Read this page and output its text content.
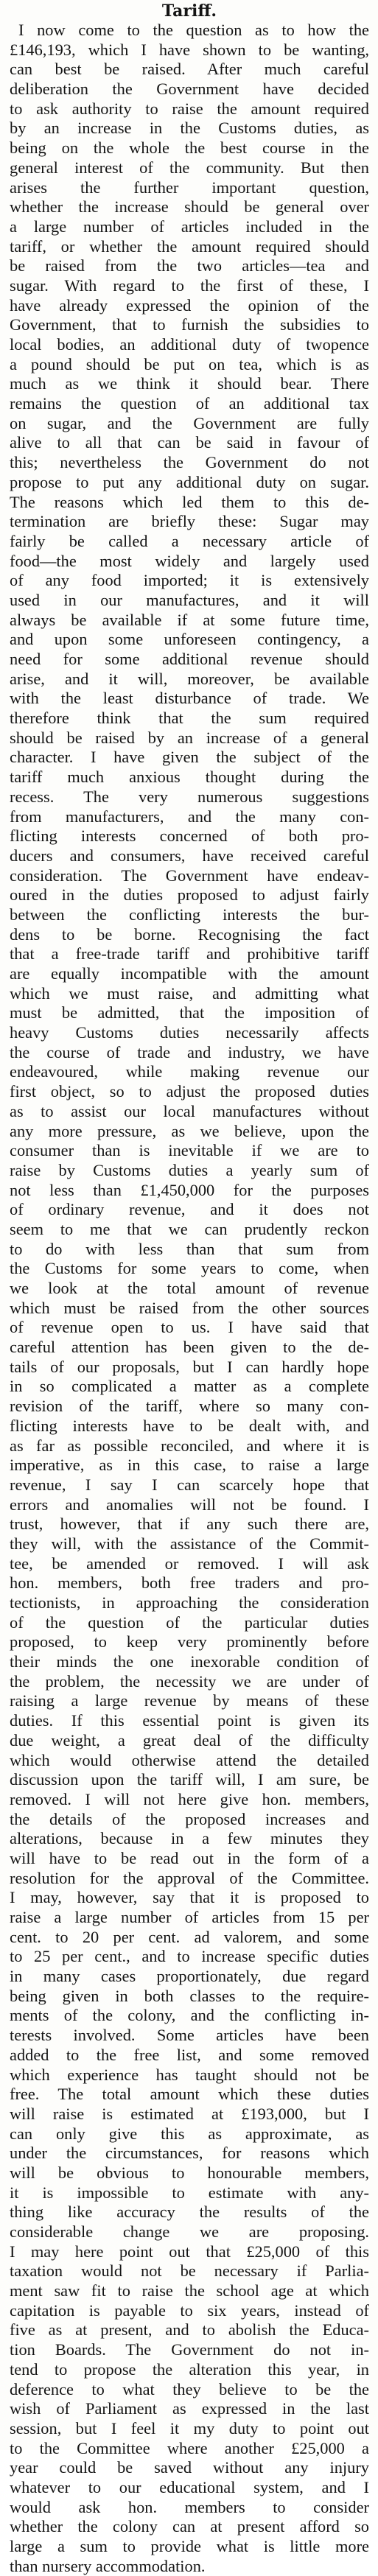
Tariff.
I now come to the question as to how the
£146,193, which I have shown to be wanting,
can best be raised. After much careful
deliberation the Government have decided
to ask authority to raise the amount required
by an increase in the Customs duties, as
being on the whole the best course in the
general interest of the community. But then
arises the further important question,
whether the increase should be general over
a large number of articles included in the
tariff, or whether the amount required should
be raised from the two articles—tea and
sugar. With regard to the first of these, I
have already expressed the opinion of the
Government, that to furnish the subsidies to
local bodies, an additional duty of twopence
a pound should be put on tea, which is as
much as we think it should bear. There
remains the question of an additional tax
on sugar, and the Government are fully
alive to all that can be said in favour of
this; nevertheless the Government do not
propose to put any additional duty on sugar.
The reasons which led them to this de-
termination are briefly these: Sugar may
fairly be called a necessary article of
food—the most widely and largely used
of any food imported; it is extensively
used in our manufactures, and it will
always be available if at some future time,
and upon some unforeseen contingency, a
need for some additional revenue should
arise, and it will, moreover, be available
with the least disturbance of trade. We
therefore think that the sum required
should be raised by an increase of a general
character. I have given the subject of the
tariff much anxious thought during the
recess. The very numerous suggestions
from manufacturers, and the many con-
flicting interests concerned of both pro-
ducers and consumers, have received careful
consideration. The Government have endeav-
oured in the duties proposed to adjust fairly
between the conflicting interests the bur-
dens to be borne. Recognising the fact
that a free-trade tariff and prohibitive tariff
are equally incompatible with the amount
which we must raise, and admitting what
must be admitted, that the imposition of
heavy Customs duties necessarily affects
the course of trade and industry, we have
endeavoured, while making revenue our
first object, so to adjust the proposed duties
as to assist our local manufactures without
any more pressure, as we believe, upon the
consumer than is inevitable if we are to
raise by Customs duties a yearly sum of
not less than £1,450,000 for the purposes
of ordinary revenue, and it does not
seem to me that we can prudently reckon
to do with less than that sum from
the Customs for some years to come, when
we look at the total amount of revenue
which must be raised from the other sources
of revenue open to us. I have said that
careful attention has been given to the de-
tails of our proposals, but I can hardly hope
in so complicated a matter as a complete
revision of the tariff, where so many con-
flicting interests have to be dealt with, and
as far as possible reconciled, and where it is
imperative, as in this case, to raise a large
revenue, I say I can scarcely hope that
errors and anomalies will not be found. I
trust, however, that if any such there are,
they will, with the assistance of the Commit-
tee, be amended or removed. I will ask
hon. members, both free traders and pro-
tectionists, in approaching the consideration
of the question of the particular duties
proposed, to keep very prominently before
their minds the one inexorable condition of
the problem, the necessity we are under of
raising a large revenue by means of these
duties. If this essential point is given its
due weight, a great deal of the difficulty
which would otherwise attend the detailed
discussion upon the tariff will, I am sure, be
removed. I will not here give hon. members,
the details of the proposed increases and
alterations, because in a few minutes they
will have to be read out in the form of a
resolution for the approval of the Committee.
I may, however, say that it is proposed to
raise a large number of articles from 15 per
cent. to 20 per cent. ad valorem, and some
to 25 per cent., and to increase specific duties
in many cases proportionately, due regard
being given in both classes to the require-
ments of the colony, and the conflicting in-
terests involved. Some articles have been
added to the free list, and some removed
which experience has taught should not be
free. The total amount which these duties
will raise is estimated at £193,000, but I
can only give this as approximate, as
under the circumstances, for reasons which
will be obvious to honourable members,
it is impossible to estimate with any-
thing like accuracy the results of the
considerable change we are proposing.
I may here point out that £25,000 of this
taxation would not be necessary if Parlia-
ment saw fit to raise the school age at which
capitation is payable to six years, instead of
five as at present, and to abolish the Educa-
tion Boards. The Government do not in-
tend to propose the alteration this year, in
deference to what they believe to be the
wish of Parliament as expressed in the last
session, but I feel it my duty to point out
to the Committee where another £25,000 a
year could be saved without any injury
whatever to our educational system, and I
would ask hon. members to consider
whether the colony can at present afford so
large a sum to provide what is little more
than nursery accommodation.
